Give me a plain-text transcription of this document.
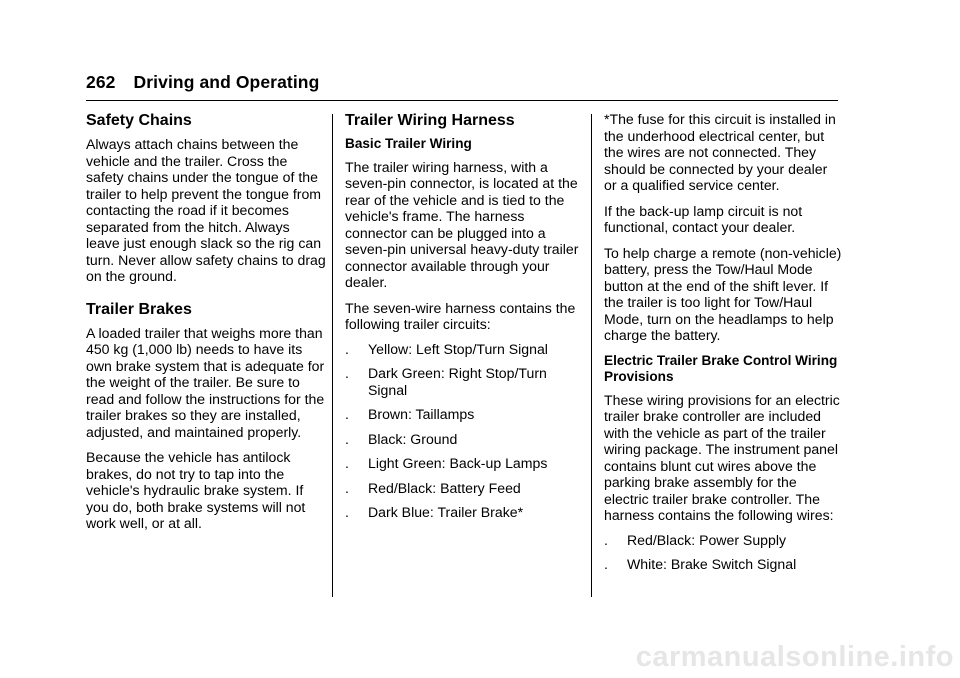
262 Driving and Operating
Safety Chains

Always attach chains between the vehicle and the trailer. Cross the safety chains under the tongue of the trailer to help prevent the tongue from contacting the road if it becomes separated from the hitch. Always leave just enough slack so the rig can turn. Never allow safety chains to drag on the ground.

Trailer Brakes

A loaded trailer that weighs more than 450 kg (1,000 lb) needs to have its own brake system that is adequate for the weight of the trailer. Be sure to read and follow the instructions for the trailer brakes so they are installed, adjusted, and maintained properly.

Because the vehicle has antilock brakes, do not try to tap into the vehicle's hydraulic brake system. If you do, both brake systems will not work well, or at all.

Trailer Wiring Harness
Basic Trailer Wiring

The trailer wiring harness, with a seven-pin connector, is located at the rear of the vehicle and is tied to the vehicle's frame. The harness connector can be plugged into a seven-pin universal heavy-duty trailer connector available through your dealer.

The seven-wire harness contains the following trailer circuits:

. Yellow: Left Stop/Turn Signal
. Dark Green: Right Stop/Turn Signal
. Brown: Taillamps
. Black: Ground
. Light Green: Back-up Lamps
. Red/Black: Battery Feed
. Dark Blue: Trailer Brake*

*The fuse for this circuit is installed in the underhood electrical center, but the wires are not connected. They should be connected by your dealer or a qualified service center.

If the back-up lamp circuit is not functional, contact your dealer.

To help charge a remote (non-vehicle) battery, press the Tow/Haul Mode button at the end of the shift lever. If the trailer is too light for Tow/Haul Mode, turn on the headlamps to help charge the battery.

Electric Trailer Brake Control Wiring Provisions

These wiring provisions for an electric trailer brake controller are included with the vehicle as part of the trailer wiring package. The instrument panel contains blunt cut wires above the parking brake assembly for the electric trailer brake controller. The harness contains the following wires:

. Red/Black: Power Supply
. White: Brake Switch Signal
carmanualsonline.info
